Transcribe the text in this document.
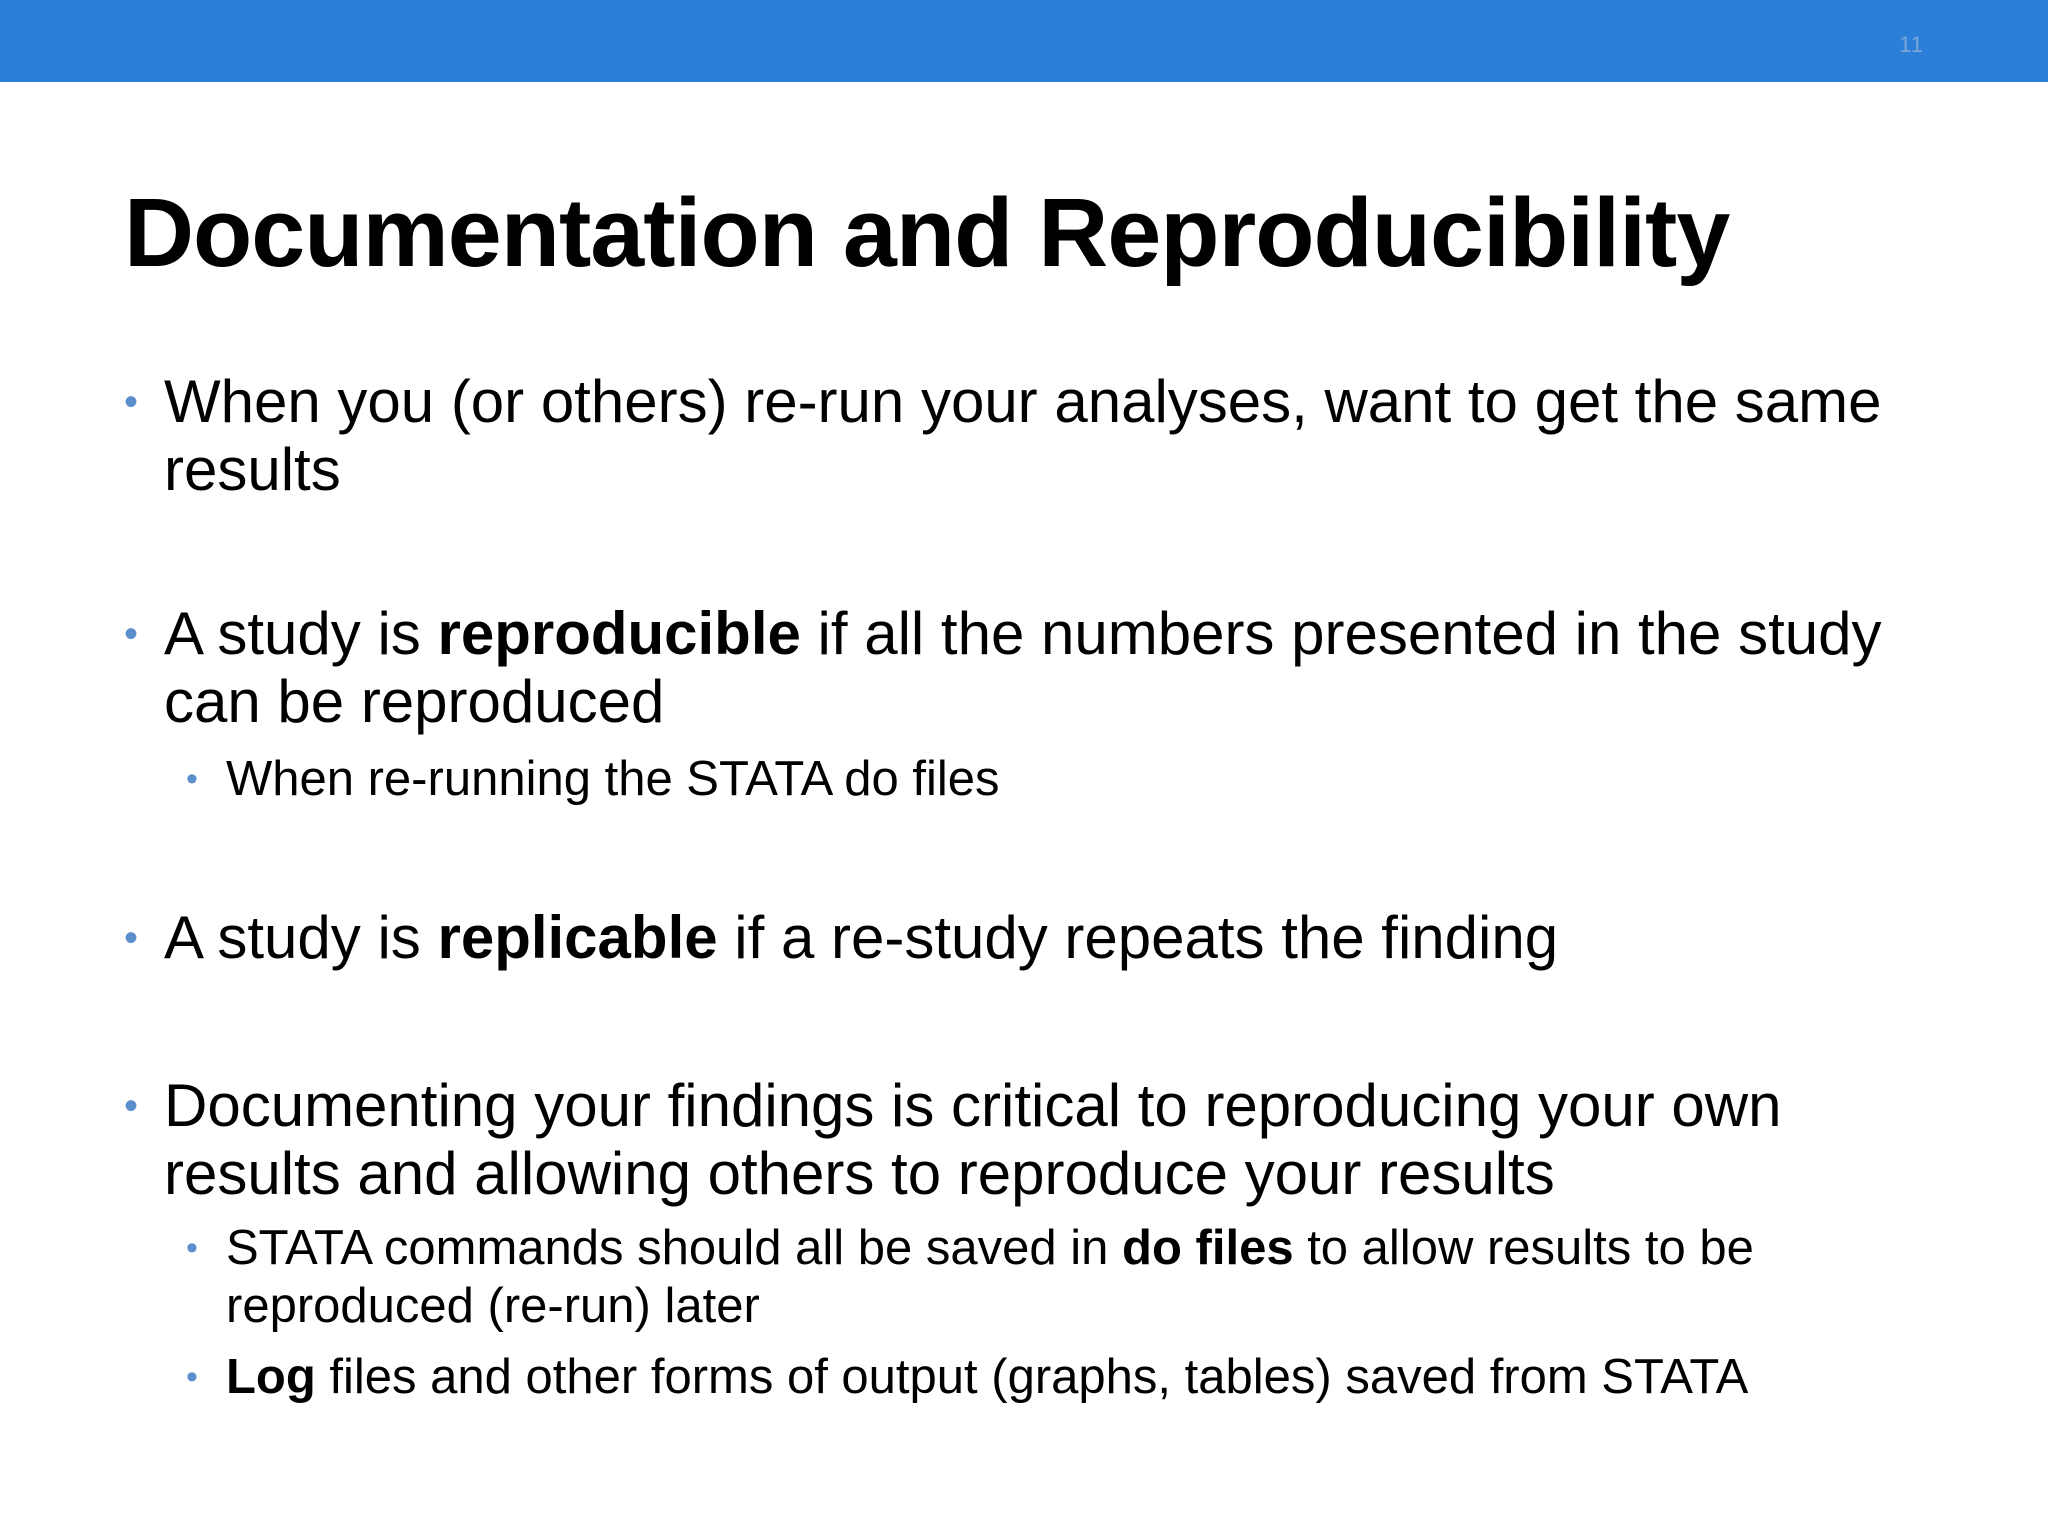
11
Documentation and Reproducibility
• When you (or others) re-run your analyses, want to get the same results
• A study is reproducible if all the numbers presented in the study can be reproduced
• When re-running the STATA do files
• A study is replicable if a re-study repeats the finding
• Documenting your findings is critical to reproducing your own results and allowing others to reproduce your results
• STATA commands should all be saved in do files to allow results to be reproduced (re-run) later
• Log files and other forms of output (graphs, tables) saved from STATA
